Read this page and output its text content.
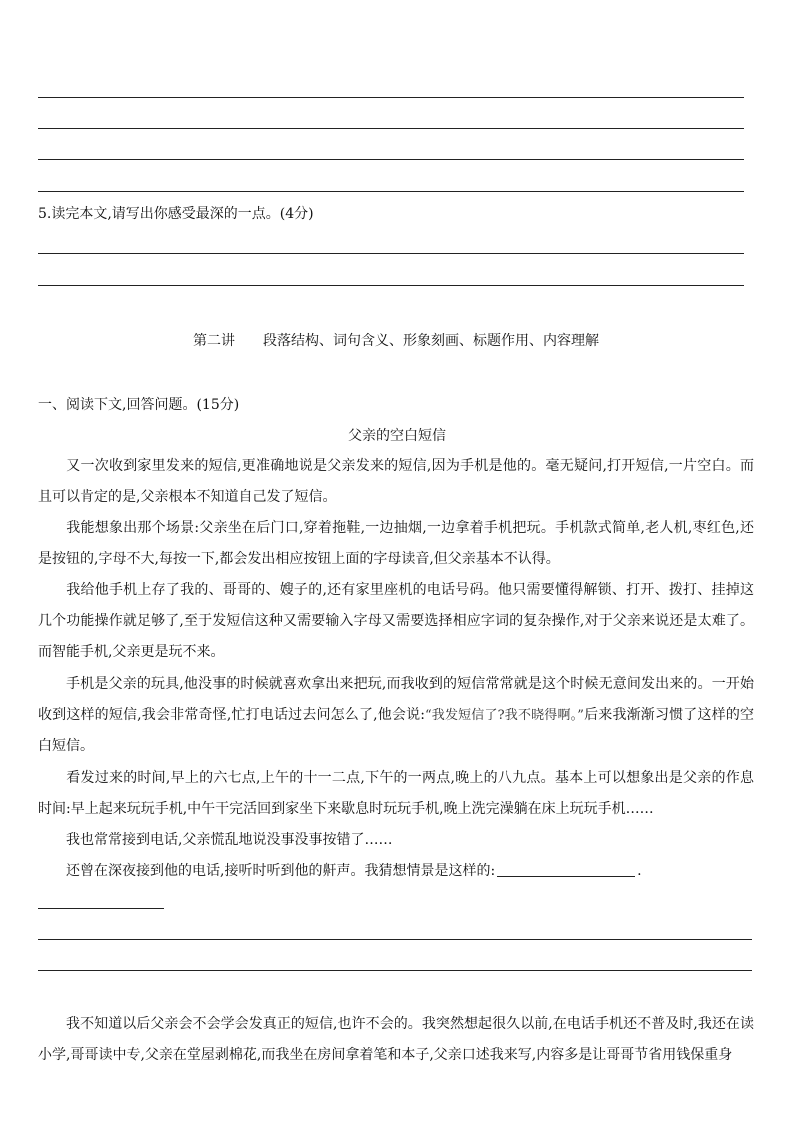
5.读完本文,请写出你感受最深的一点。(4分)
第二讲　　段落结构、词句含义、形象刻画、标题作用、内容理解
一、阅读下文,回答问题。(15分)
父亲的空白短信
又一次收到家里发来的短信,更准确地说是父亲发来的短信,因为手机是他的。毫无疑问,打开短信,一片空白。而且可以肯定的是,父亲根本不知道自己发了短信。
我能想象出那个场景:父亲坐在后门口,穿着拖鞋,一边抽烟,一边拿着手机把玩。手机款式简单,老人机,枣红色,还是按钮的,字母不大,每按一下,都会发出相应按钮上面的字母读音,但父亲基本不认得。
我给他手机上存了我的、哥哥的、嫂子的,还有家里座机的电话号码。他只需要懂得解锁、打开、拨打、挂掉这几个功能操作就足够了,至于发短信这种又需要输入字母又需要选择相应字词的复杂操作,对于父亲来说还是太难了。而智能手机,父亲更是玩不来。
手机是父亲的玩具,他没事的时候就喜欢拿出来把玩,而我收到的短信常常就是这个时候无意间发出来的。一开始收到这样的短信,我会非常奇怪,忙打电话过去问怎么了,他会说:“我发短信了?我不晓得啊。”后来我渐渐习惯了这样的空白短信。
看发过来的时间,早上的六七点,上午的十一二点,下午的一两点,晚上的八九点。基本上可以想象出是父亲的作息时间:早上起来玩玩手机,中午干完活回到家坐下来歇息时玩玩手机,晚上洗完澡躺在床上玩玩手机……
我也常常接到电话,父亲慌乱地说没事没事按错了……
还曾在深夜接到他的电话,接听时听到他的鼾声。我猜想情景是这样的:	.
我不知道以后父亲会不会学会发真正的短信,也许不会的。我突然想起很久以前,在电话手机还不普及时,我还在读小学,哥哥读中专,父亲在堂屋剥棉花,而我坐在房间拿着笔和本子,父亲口述我来写,内容多是让哥哥节省用钱保重身
